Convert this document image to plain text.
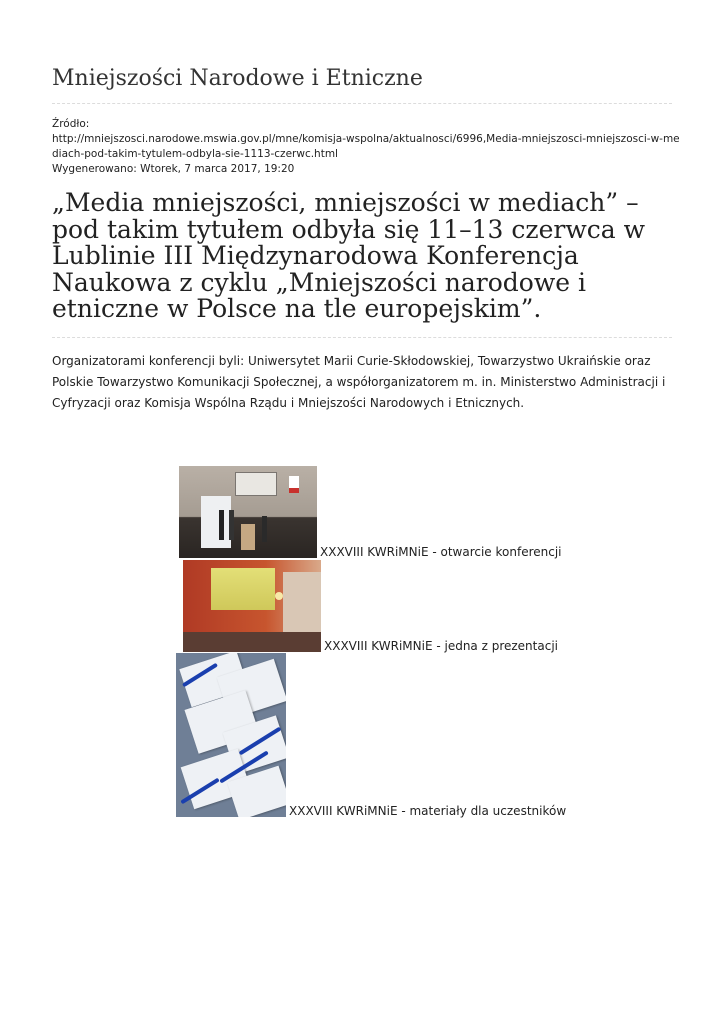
Mniejszości Narodowe i Etniczne
Źródło:
http://mniejszosci.narodowe.mswia.gov.pl/mne/komisja-wspolna/aktualnosci/6996,Media-mniejszosci-mniejszosci-w-me
diach-pod-takim-tytulem-odbyla-sie-1113-czerwc.html
Wygenerowano: Wtorek, 7 marca 2017, 19:20
„Media mniejszości, mniejszości w mediach” – pod takim tytułem odbyła się 11–13 czerwca w Lublinie III Międzynarodowa Konferencja Naukowa z cyklu „Mniejszości narodowe i etniczne w Polsce na tle europejskim”.

Organizatorami konferencji byli: Uniwersytet Marii Curie-Skłodowskiej, Towarzystwo Ukraińskie oraz Polskie Towarzystwo Komunikacji Społecznej, a współorganizatorem m. in. Ministerstwo Administracji i Cyfryzacji oraz Komisja Wspólna Rządu i Mniejszości Narodowych i Etnicznych.

XXXVIII KWRiMNiE - otwarcie konferencji
XXXVIII KWRiMNiE - jedna z prezentacji
XXXVIII KWRiMNiE - materiały dla uczestników
